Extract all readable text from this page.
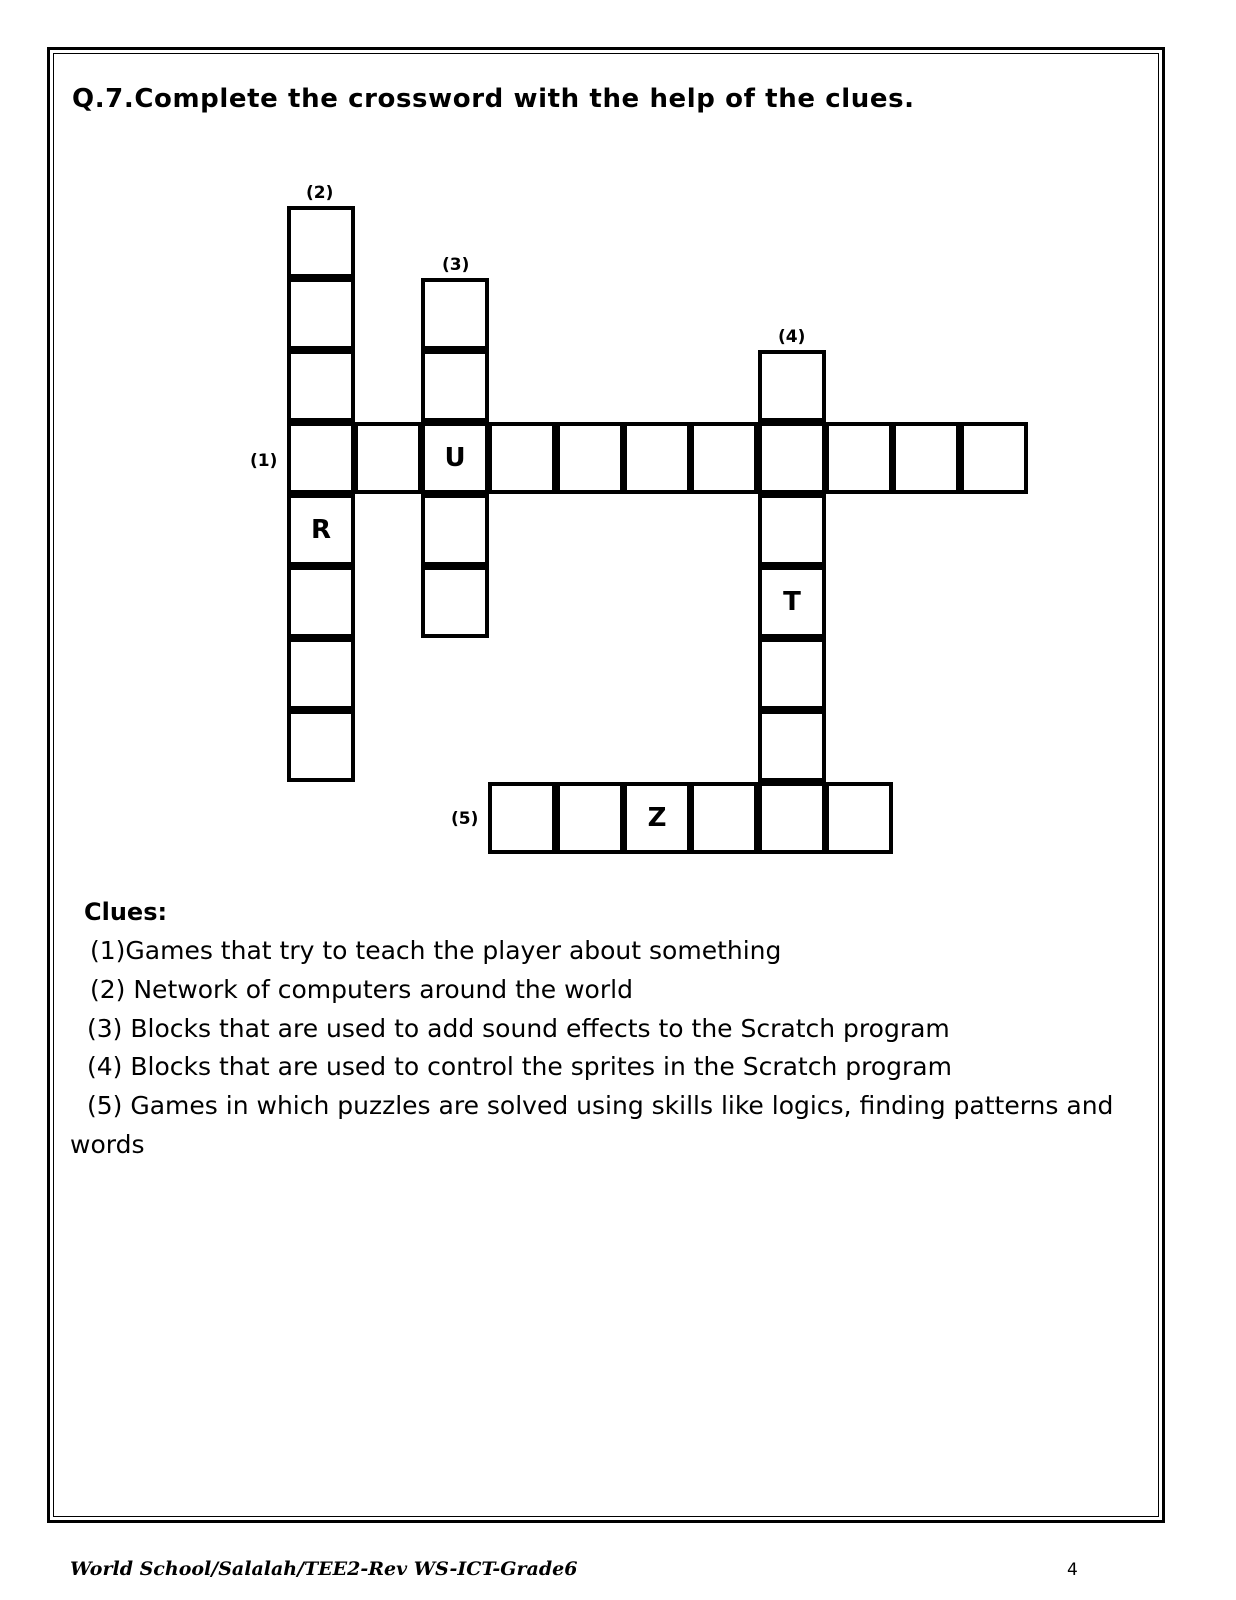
Q.7.Complete the crossword with the help of the clues.
(2)
R
(3)
(4)
T
(1)	U
(5)	Z
Clues:
(1)Games that try to teach the player about something
(2) Network of computers around the world
(3) Blocks that are used to add sound effects to the Scratch program
(4) Blocks that are used to control the sprites in the Scratch program
(5) Games in which puzzles are solved using skills like logics, finding patterns and
words
World School/Salalah/TEE2-Rev WS-ICT-Grade6	4
